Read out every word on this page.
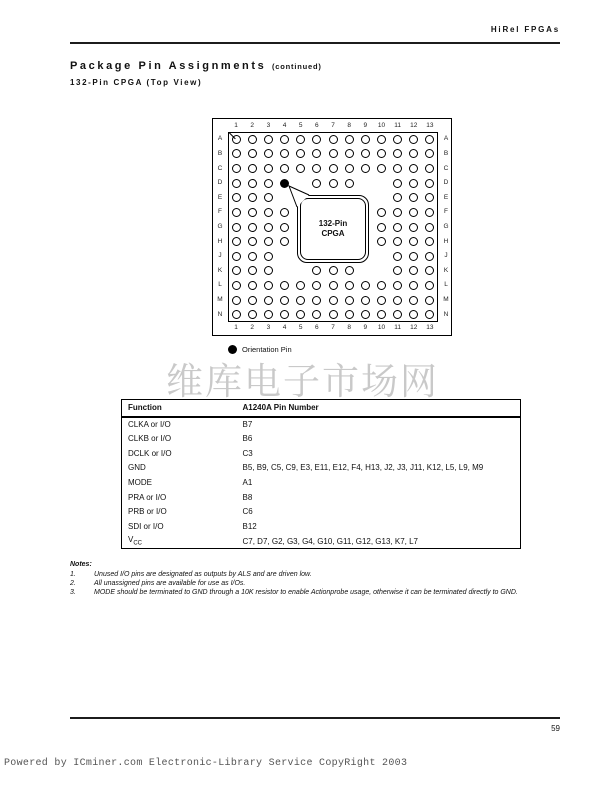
HiRel FPGAs
Package Pin Assignments (continued)
132-Pin CPGA (Top View)
132-Pin
CPGA
A	A
B	B
C	C
D	D
E	E
F	F
G	G
H	H
J	J
K	K
L	L
M	M
N	N
1
1
2
2
3
3
4
4
5
5
6
6
7
7
8
8
9
9
10
10
11
11
12
12
13
13
Orientation Pin
维库电子市场网
Function	A1240A Pin Number
CLKA or I/O	B7
CLKB or I/O	B6
DCLK or I/O	C3
GND	B5, B9, C5, C9, E3, E11, E12, F4, H13, J2, J3, J11, K12, L5, L9, M9
MODE	A1
PRA or I/O	B8
PRB or I/O	C6
SDI or I/O	B12
$V_{CC}$	C7, D7, G2, G3, G4, G10, G11, G12, G13, K7, L7
Notes:
1.	Unused I/O pins are designated as outputs by ALS and are driven low.
2.	All unassigned pins are available for use as I/Os.
3.	MODE should be terminated to GND through a 10K resistor to enable Actionprobe usage, otherwise it can be terminated directly to GND.
59
Powered by ICminer.com Electronic-Library Service CopyRight 2003
